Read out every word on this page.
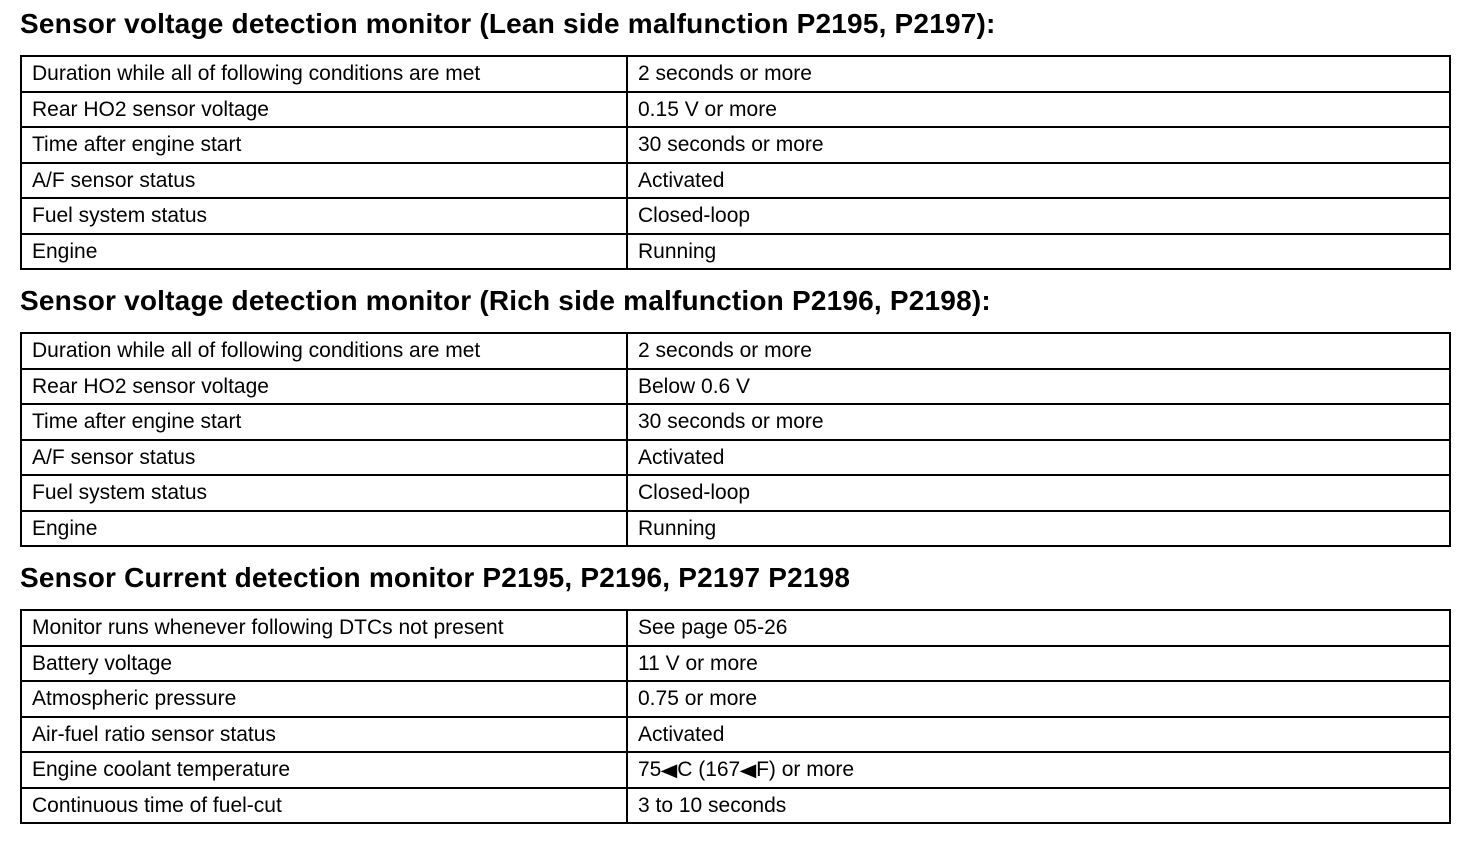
Sensor voltage detection monitor (Lean side malfunction P2195, P2197):
Duration while all of following conditions are met	2 seconds or more
Rear HO2 sensor voltage	0.15 V or more
Time after engine start	30 seconds or more
A/F sensor status	Activated
Fuel system status	Closed-loop
Engine	Running
Sensor voltage detection monitor (Rich side malfunction P2196, P2198):
Duration while all of following conditions are met	2 seconds or more
Rear HO2 sensor voltage	Below 0.6 V
Time after engine start	30 seconds or more
A/F sensor status	Activated
Fuel system status	Closed-loop
Engine	Running
Sensor Current detection monitor P2195, P2196, P2197 P2198
Monitor runs whenever following DTCs not present	See page 05-26
Battery voltage	11 V or more
Atmospheric pressure	0.75 or more
Air-fuel ratio sensor status	Activated
Engine coolant temperature	75◀C (167◀F) or more
Continuous time of fuel-cut	3 to 10 seconds
